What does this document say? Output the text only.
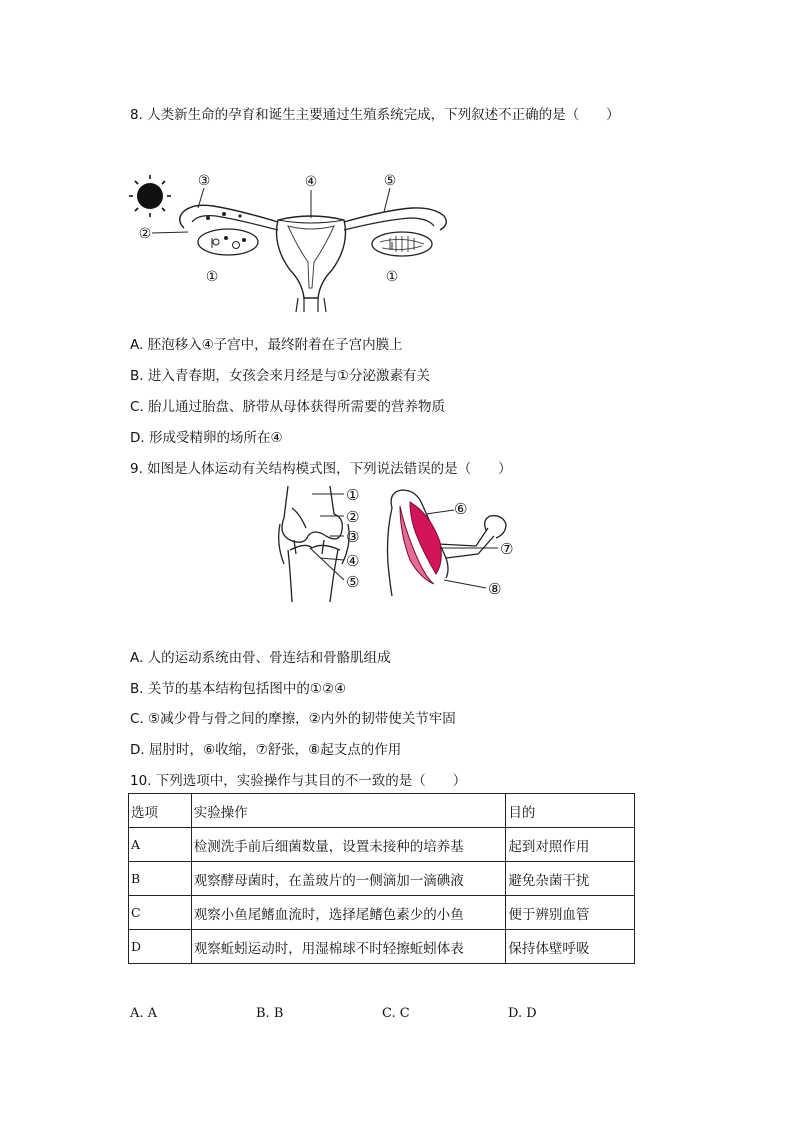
8. 人类新生命的孕育和诞生主要通过生殖系统完成，下列叙述不正确的是（　　）
③	④	⑤
②
①	①
A. 胚泡移入④子宫中，最终附着在子宫内膜上
B. 进入青春期，女孩会来月经是与①分泌激素有关
C. 胎儿通过胎盘、脐带从母体获得所需要的营养物质
D. 形成受精卵的场所在④
9. 如图是人体运动有关结构模式图，下列说法错误的是（　　）
①
②
③
④
⑤
⑥
⑦
⑧
A. 人的运动系统由骨、骨连结和骨骼肌组成
B. 关节的基本结构包括图中的①②④
C. ⑤减少骨与骨之间的摩擦，②内外的韧带使关节牢固
D. 屈肘时，⑥收缩，⑦舒张，⑧起支点的作用
10. 下列选项中，实验操作与其目的不一致的是（　　）
选项	实验操作	目的
A	检测洗手前后细菌数量，设置未接种的培养基	起到对照作用
B	观察酵母菌时，在盖玻片的一侧滴加一滴碘液	避免杂菌干扰
C	观察小鱼尾鳍血流时，选择尾鳍色素少的小鱼	便于辨别血管
D	观察蚯蚓运动时，用湿棉球不时轻擦蚯蚓体表	保持体壁呼吸
A. A	B. B	C. C	D. D
